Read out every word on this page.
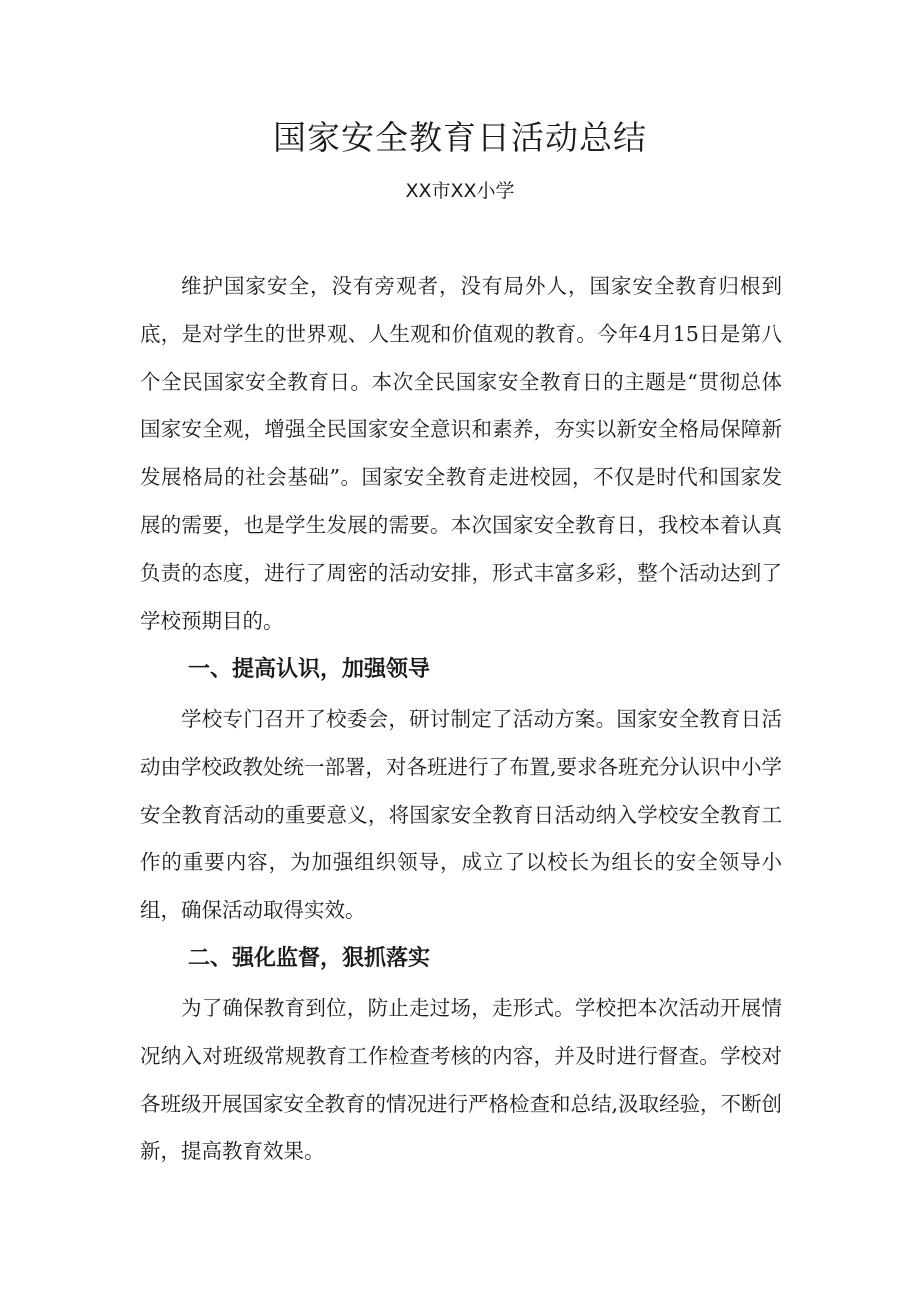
国家安全教育日活动总结

XX市XX小学

维护国家安全，没有旁观者，没有局外人，国家安全教育归根到底，是对学生的世界观、人生观和价值观的教育。今年4月15日是第八个全民国家安全教育日。本次全民国家安全教育日的主题是“贯彻总体国家安全观，增强全民国家安全意识和素养，夯实以新安全格局保障新发展格局的社会基础”。国家安全教育走进校园，不仅是时代和国家发展的需要，也是学生发展的需要。本次国家安全教育日，我校本着认真负责的态度，进行了周密的活动安排，形式丰富多彩，整个活动达到了学校预期目的。

一、提高认识，加强领导

学校专门召开了校委会，研讨制定了活动方案。国家安全教育日活动由学校政教处统一部署，对各班进行了布置,要求各班充分认识中小学安全教育活动的重要意义，将国家安全教育日活动纳入学校安全教育工作的重要内容，为加强组织领导，成立了以校长为组长的安全领导小组，确保活动取得实效。

二、强化监督，狠抓落实

为了确保教育到位，防止走过场，走形式。学校把本次活动开展情况纳入对班级常规教育工作检查考核的内容，并及时进行督查。学校对各班级开展国家安全教育的情况进行严格检查和总结,汲取经验，不断创新，提高教育效果。
